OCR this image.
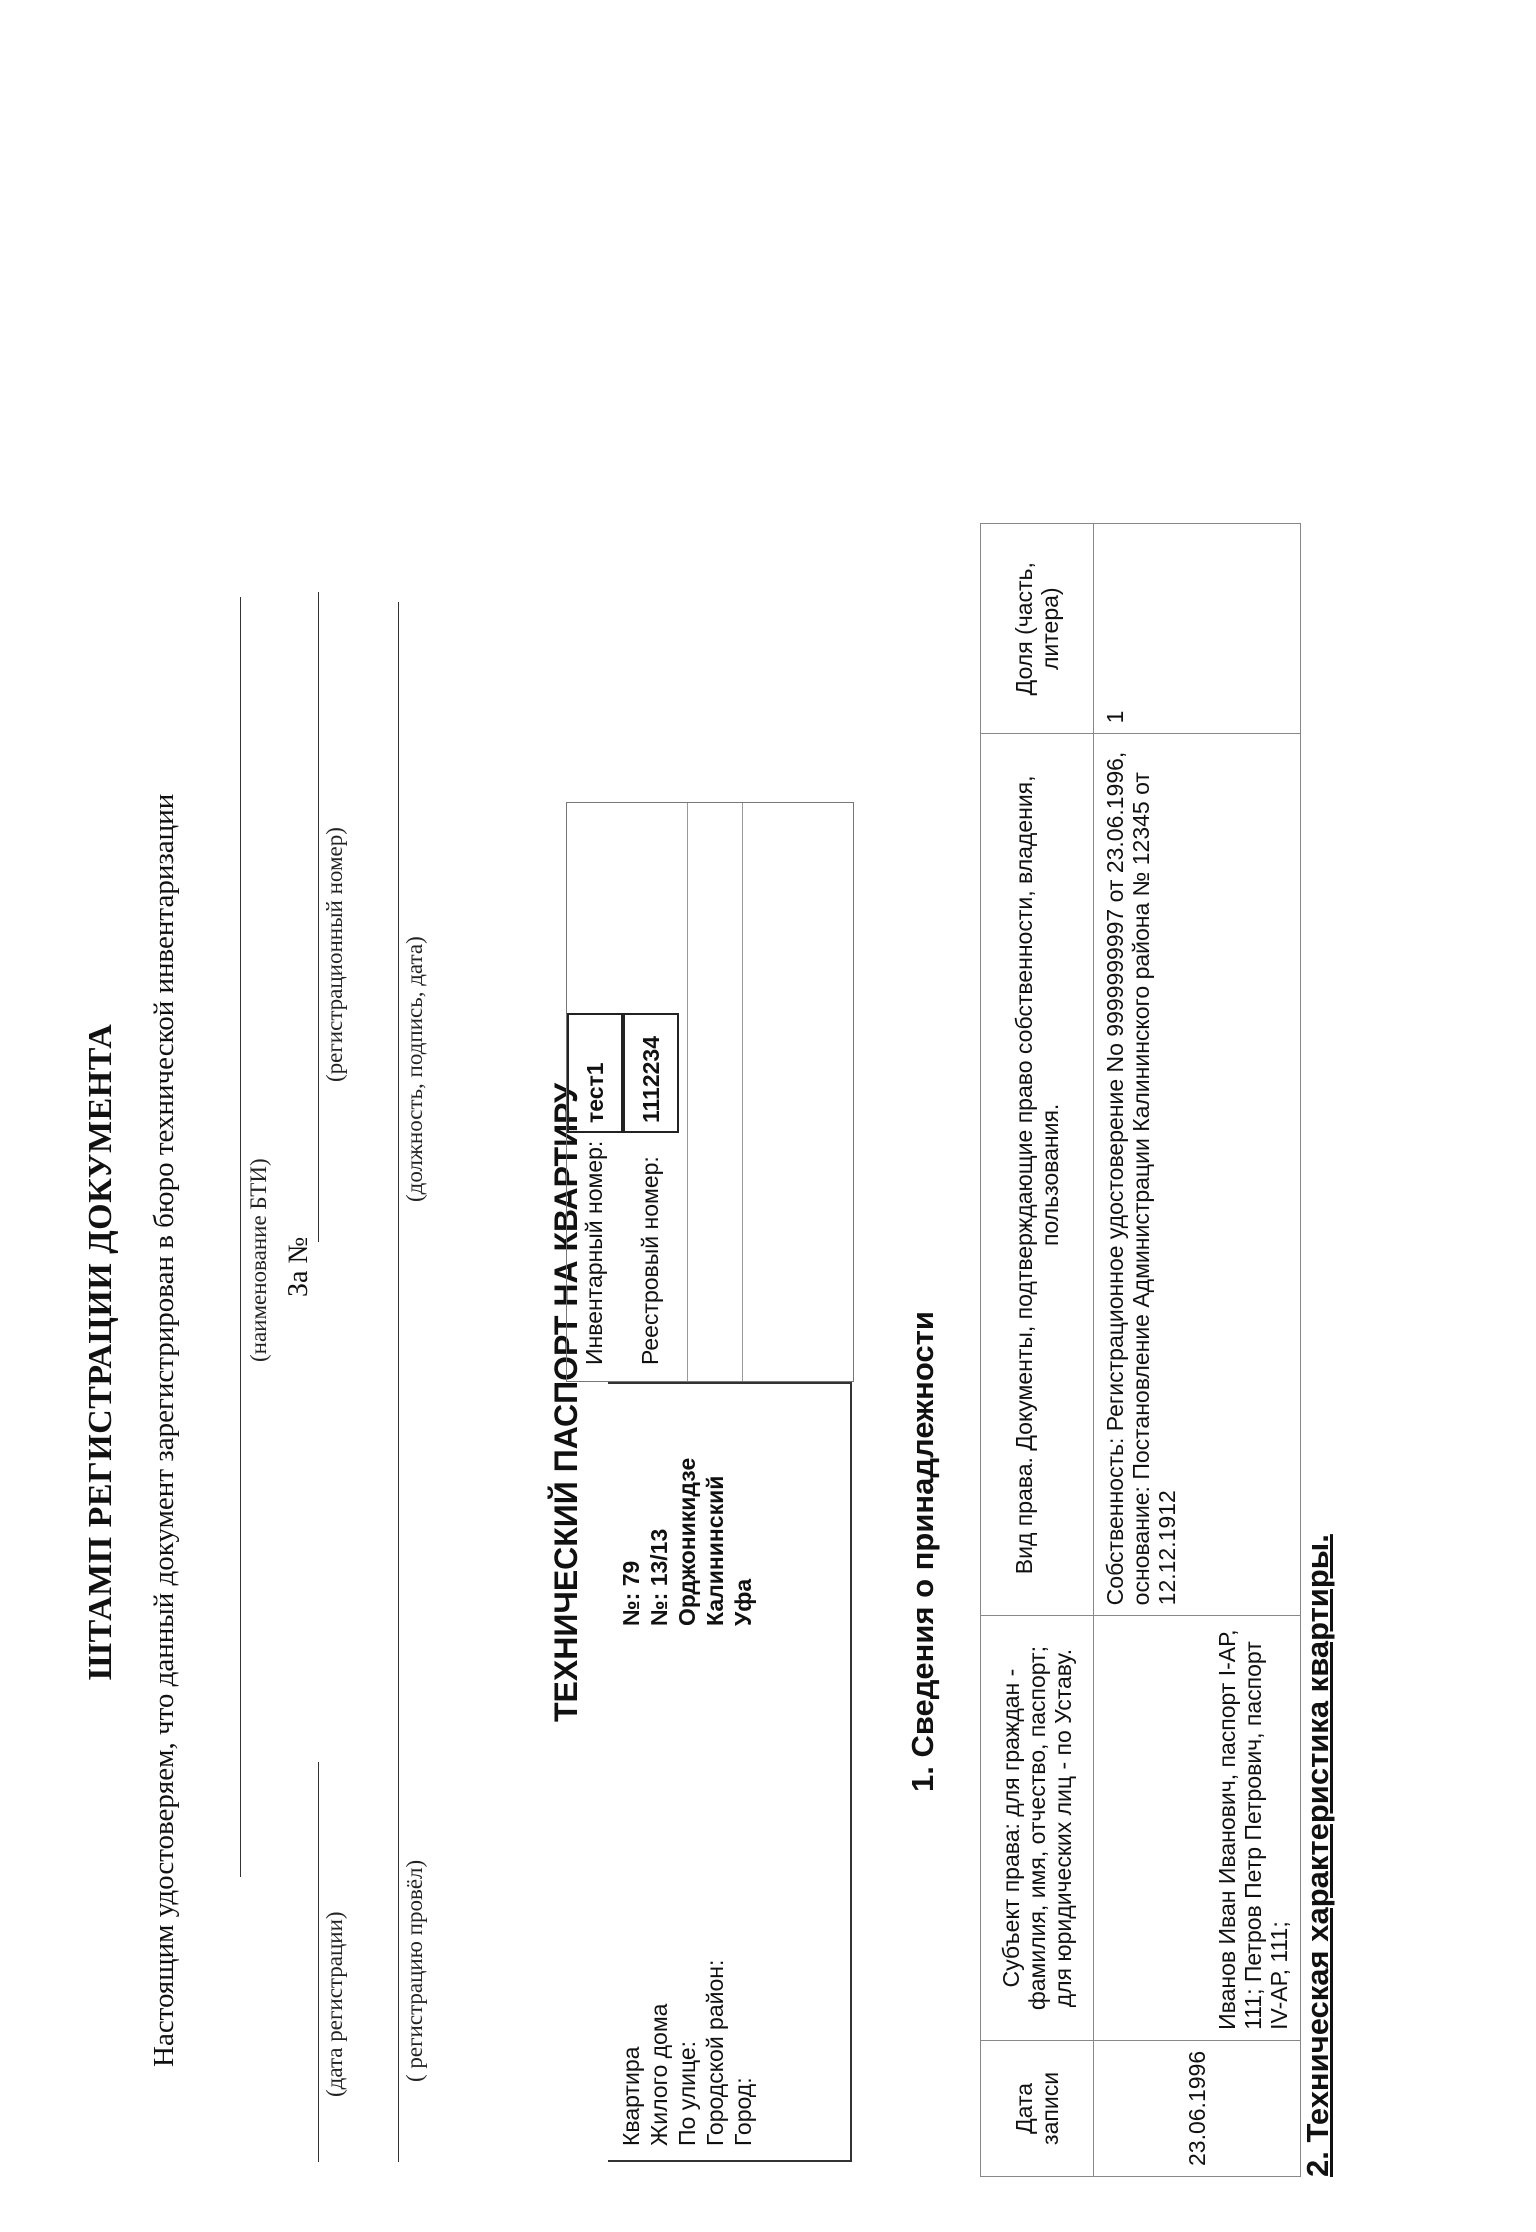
ШТАМП РЕГИСТРАЦИИ ДОКУМЕНТА Настоящим удостоверяем, что данный документ зарегистрирован в бюро технической инвентаризации	(наименование БТИ)
(дата регистрации)
За №
(регистрационный номер)
( регистрацию провёл)
(должность, подпись, дата)
ТЕХНИЧЕСКИЙ ПАСПОРТ НА КВАРТИРУ
Квартира
№: 79
Жилого дома
№: 13/13
По улице:
Орджоникидзе
Городской район:
Калининский
Город:
Уфа
Инвентарный номер:
тест1
Реестровый номер:
1112234
1. Сведения о принадлежности
Дата записи	Субъект права: для граждан - фамилия, имя, отчество, паспорт; для юридических лиц - по Уставу.	Вид права. Документы, подтверждающие право собственности, владения, пользования.	Доля (часть, литера)
23.06.1996	Иванов Иван Иванович, паспорт I-АР, 111; Петров Петр Петрович, паспорт IV-АР, 111;	Собственность: Регистрационное удостоверение No 9999999997 от 23.06.1996, основание: Постановление Администрации Калининского района № 12345 от 12.12.1912	1
2. Техническая характеристика квартиры.
